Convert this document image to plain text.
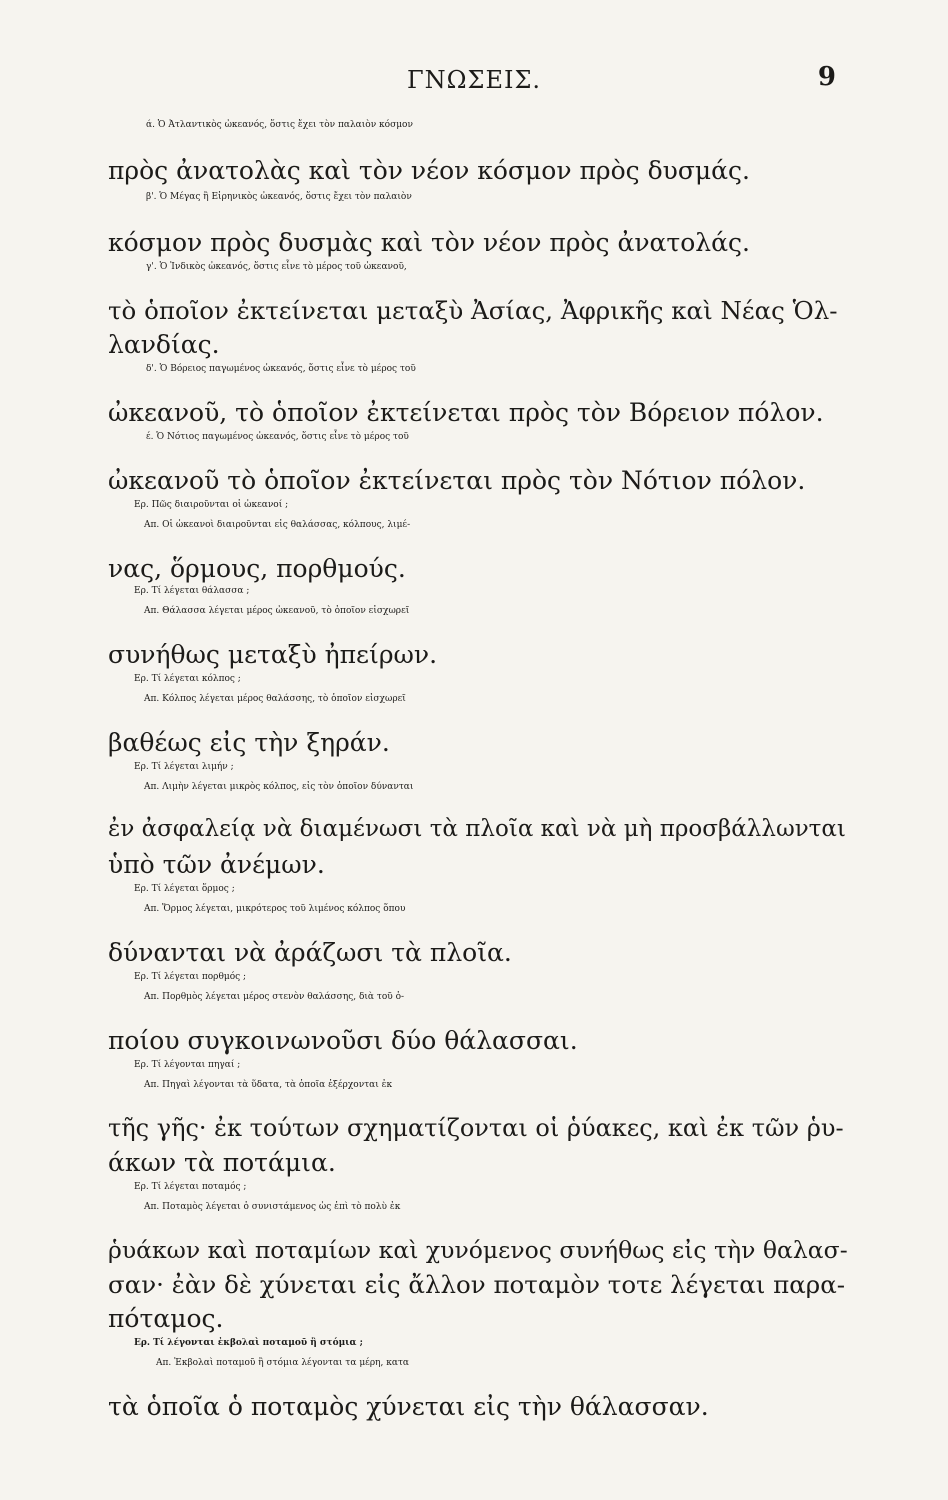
ΓΝΩΣΕΙΣ.	9
ά. Ὁ Ἀτλαντικὸς ὠκεανός, ὅστις ἔχει τὸν παλαιὸν κόσμον
πρὸς ἀνατολὰς καὶ τὸν νέον κόσμον πρὸς δυσμάς.
β'. Ὁ Μέγας ἢ Εἰρηνικὸς ὠκεανός, ὅστις ἔχει τὸν παλαιὸν
κόσμον πρὸς δυσμὰς καὶ τὸν νέον πρὸς ἀνατολάς.
γ'. Ὁ Ἰνδικὸς ὠκεανός, ὅστις εἶνε τὸ μέρος τοῦ ὠκεανοῦ,
τὸ ὁποῖον ἐκτείνεται μεταξὺ Ἀσίας, Ἀφρικῆς καὶ Νέας Ὁλ-
λανδίας.
δ'. Ὁ Βόρειος παγωμένος ὠκεανός, ὅστις εἶνε τὸ μέρος τοῦ
ὠκεανοῦ, τὸ ὁποῖον ἐκτείνεται πρὸς τὸν Βόρειον πόλον.
έ. Ὁ Νότιος παγωμένος ὠκεανός, ὅστις εἶνε τὸ μέρος τοῦ
ὠκεανοῦ τὸ ὁποῖον ἐκτείνεται πρὸς τὸν Νότιον πόλον.
Ερ. Πῶς διαιροῦνται οἱ ὠκεανοί ;
Απ. Οἱ ὠκεανοὶ διαιροῦνται εἰς θαλάσσας, κόλπους, λιμέ-
νας, ὅρμους, πορθμούς.
Ερ. Τί λέγεται θάλασσα ;
Απ. Θάλασσα λέγεται μέρος ὠκεανοῦ, τὸ ὁποῖον εἰσχωρεῖ
συνήθως μεταξὺ ἠπείρων.
Ερ. Τί λέγεται κόλπος ;
Απ. Κόλπος λέγεται μέρος θαλάσσης, τὸ ὁποῖον εἰσχωρεῖ
βαθέως εἰς τὴν ξηράν.
Ερ. Τί λέγεται λιμήν ;
Απ. Λιμὴν λέγεται μικρὸς κόλπος, εἰς τὸν ὁποῖον δύνανται
ἐν ἀσφαλείᾳ νὰ διαμένωσι τὰ πλοῖα καὶ νὰ μὴ προσβάλλωνται
ὑπὸ τῶν ἀνέμων.
Ερ. Τί λέγεται ὅρμος ;
Απ. Ὅρμος λέγεται, μικρότερος τοῦ λιμένος κόλπος ὅπου
δύνανται νὰ ἀράζωσι τὰ πλοῖα.
Ερ. Τί λέγεται πορθμός ;
Απ. Πορθμὸς λέγεται μέρος στενὸν θαλάσσης, διὰ τοῦ ὁ-
ποίου συγκοινωνοῦσι δύο θάλασσαι.
Ερ. Τί λέγονται πηγαί ;
Απ. Πηγαὶ λέγονται τὰ ὕδατα, τὰ ὁποῖα ἐξέρχονται ἐκ
τῆς γῆς· ἐκ τούτων σχηματίζονται οἱ ῥύακες, καὶ ἐκ τῶν ῥυ-
άκων τὰ ποτάμια.
Ερ. Τί λέγεται ποταμός ;
Απ. Ποταμὸς λέγεται ὁ συνιστάμενος ὡς ἐπὶ τὸ πολὺ ἐκ
ῥυάκων καὶ ποταμίων καὶ χυνόμενος συνήθως εἰς τὴν θαλασ-
σαν· ἐὰν δὲ χύνεται εἰς ἄλλον ποταμὸν τοτε λέγεται παρα-
πόταμος.
Ερ. Τί λέγονται ἐκβολαὶ ποταμοῦ ἢ στόμια ;
Απ. Ἐκβολαὶ ποταμοῦ ἢ στόμια λέγονται τα μέρη, κατα
τὰ ὁποῖα ὁ ποταμὸς χύνεται εἰς τὴν θάλασσαν.
